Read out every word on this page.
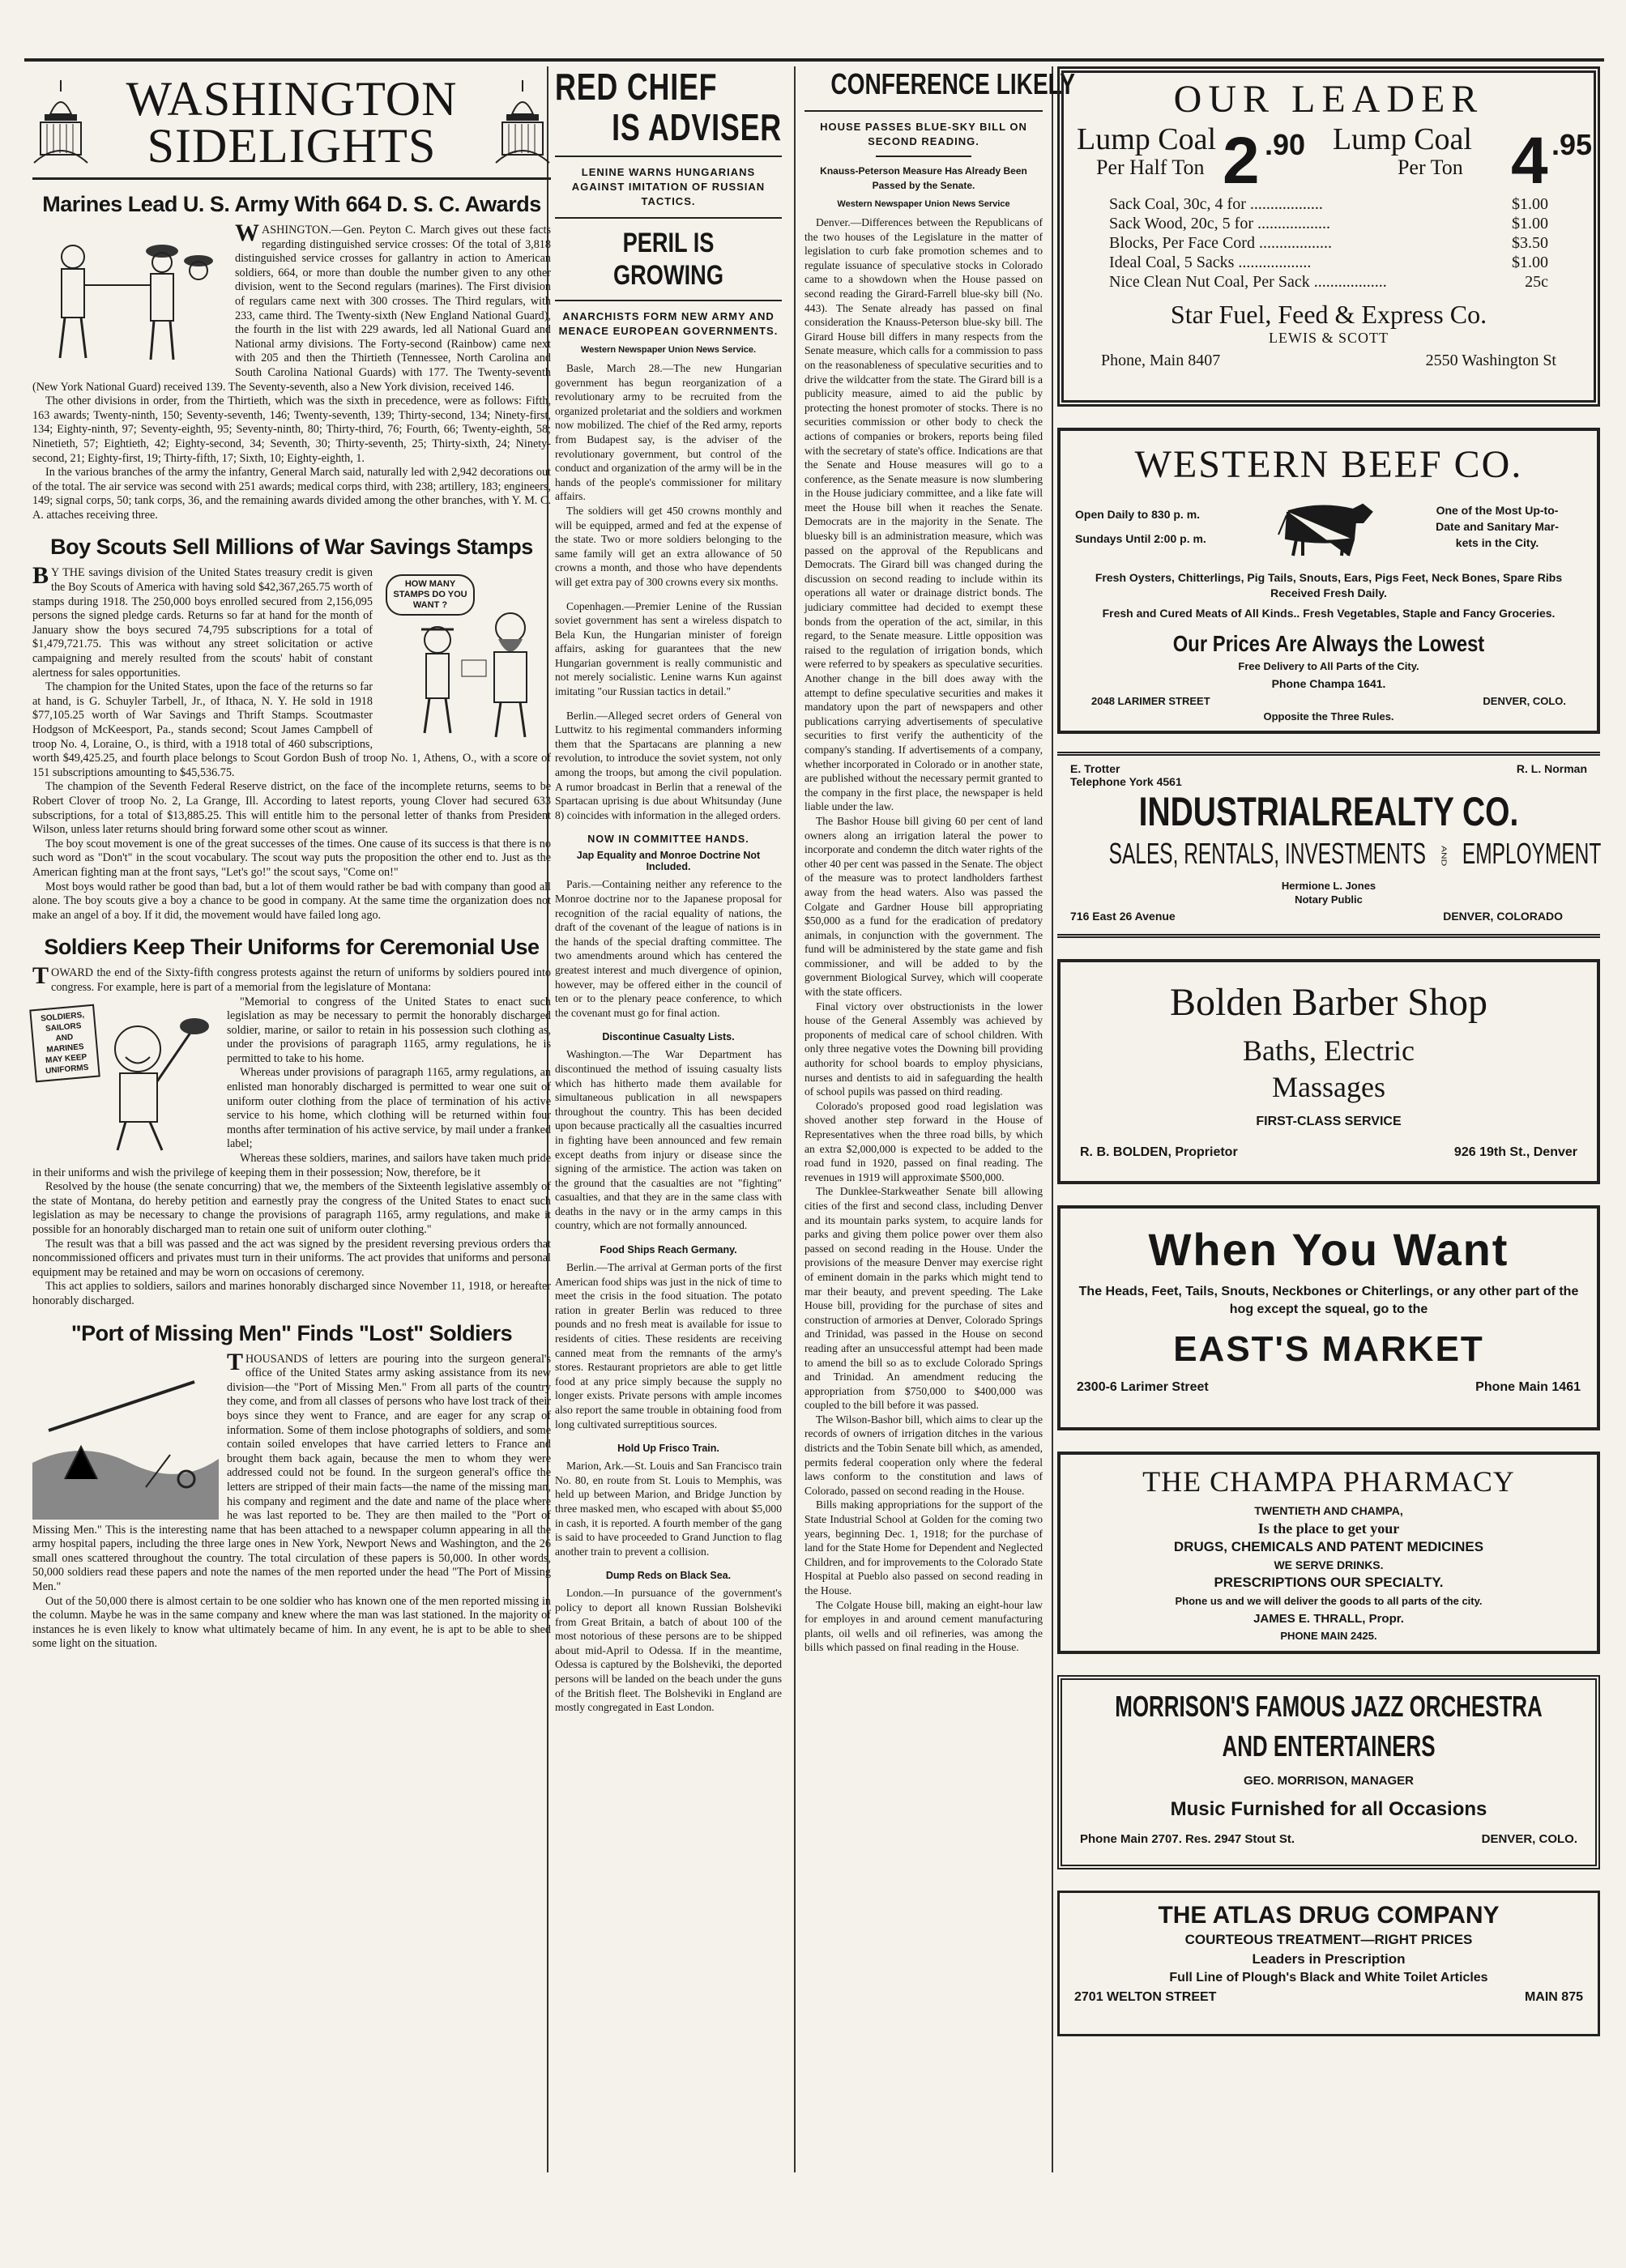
WASHINGTON SIDELIGHTS
Marines Lead U. S. Army With 664 D. S. C. Awards

WASHINGTON.—Gen. Peyton C. March gives out these facts regarding distinguished service crosses: Of the total of 3,818 distinguished service crosses for gallantry in action to American soldiers, 664, or more than double the number given to any other division, went to the Second regulars (marines). The First division of regulars came next with 300 crosses. The Third regulars, with 233, came third. The Twenty-sixth (New England National Guard), the fourth in the list with 229 awards, led all National Guard and National army divisions. The Forty-second (Rainbow) came next with 205 and then the Thirtieth (Tennessee, North Carolina and South Carolina National Guards) with 177. The Twenty-seventh (New York National Guard) received 139. The Seventy-seventh, also a New York division, received 146.

The other divisions in order, from the Thirtieth, which was the sixth in precedence, were as follows: Fifth, 163 awards; Twenty-ninth, 150; Seventy-seventh, 146; Twenty-seventh, 139; Thirty-second, 134; Ninety-first, 134; Eighty-ninth, 97; Seventy-eighth, 95; Seventy-ninth, 80; Thirty-third, 76; Fourth, 66; Twenty-eighth, 58; Ninetieth, 57; Eightieth, 42; Eighty-second, 34; Seventh, 30; Thirty-seventh, 25; Thirty-sixth, 24; Ninety-second, 21; Eighty-first, 19; Thirty-fifth, 17; Sixth, 10; Eighty-eighth, 1.

In the various branches of the army the infantry, General March said, naturally led with 2,942 decorations out of the total. The air service was second with 251 awards; medical corps third, with 238; artillery, 183; engineers, 149; signal corps, 50; tank corps, 36, and the remaining awards divided among the other branches, with Y. M. C. A. attaches receiving three.

Boy Scouts Sell Millions of War Savings Stamps
HOW MANY STAMPS DO YOU WANT ?

BY THE savings division of the United States treasury credit is given the Boy Scouts of America with having sold $42,367,265.75 worth of stamps during 1918. The 250,000 boys enrolled secured from 2,156,095 persons the signed pledge cards. Returns so far at hand for the month of January show the boys secured 74,795 subscriptions for a total of $1,479,721.75. This was without any street solicitation or active campaigning and merely resulted from the scouts' habit of constant alertness for sales opportunities.

The champion for the United States, upon the face of the returns so far at hand, is G. Schuyler Tarbell, Jr., of Ithaca, N. Y. He sold in 1918 $77,105.25 worth of War Savings and Thrift Stamps. Scoutmaster Hodgson of McKeesport, Pa., stands second; Scout James Campbell of troop No. 4, Loraine, O., is third, with a 1918 total of 460 subscriptions, worth $49,425.25, and fourth place belongs to Scout Gordon Bush of troop No. 1, Athens, O., with a score of 151 subscriptions amounting to $45,536.75.

The champion of the Seventh Federal Reserve district, on the face of the incomplete returns, seems to be Robert Clover of troop No. 2, La Grange, Ill. According to latest reports, young Clover had secured 633 subscriptions, for a total of $13,885.25. This will entitle him to the personal letter of thanks from President Wilson, unless later returns should bring forward some other scout as winner.

The boy scout movement is one of the great successes of the times. One cause of its success is that there is no such word as "Don't" in the scout vocabulary. The scout way puts the proposition the other end to. Just as the American fighting man at the front says, "Let's go!" the scout says, "Come on!"

Most boys would rather be good than bad, but a lot of them would rather be bad with company than good all alone. The boy scouts give a boy a chance to be good in company. At the same time the organization does not make an angel of a boy. If it did, the movement would have failed long ago.

Soldiers Keep Their Uniforms for Ceremonial Use

TOWARD the end of the Sixty-fifth congress protests against the return of uniforms by soldiers poured into congress. For example, here is part of a memorial from the legislature of Montana:

SOLDIERS, SAILORS AND MARINES MAY KEEP UNIFORMS

"Memorial to congress of the United States to enact such legislation as may be necessary to permit the honorably discharged soldier, marine, or sailor to retain in his possession such clothing as, under the provisions of paragraph 1165, army regulations, he is permitted to take to his home.

Whereas under provisions of paragraph 1165, army regulations, an enlisted man honorably discharged is permitted to wear one suit of uniform outer clothing from the place of termination of his active service to his home, which clothing will be returned within four months after termination of his active service, by mail under a franked label;

Whereas these soldiers, marines, and sailors have taken much pride in their uniforms and wish the privilege of keeping them in their possession; Now, therefore, be it

Resolved by the house (the senate concurring) that we, the members of the Sixteenth legislative assembly of the state of Montana, do hereby petition and earnestly pray the congress of the United States to enact such legislation as may be necessary to change the provisions of paragraph 1165, army regulations, and make it possible for an honorably discharged man to retain one suit of uniform outer clothing."

The result was that a bill was passed and the act was signed by the president reversing previous orders that noncommissioned officers and privates must turn in their uniforms. The act provides that uniforms and personal equipment may be retained and may be worn on occasions of ceremony.

This act applies to soldiers, sailors and marines honorably discharged since November 11, 1918, or hereafter honorably discharged.

"Port of Missing Men" Finds "Lost" Soldiers

THOUSANDS of letters are pouring into the surgeon general's office of the United States army asking assistance from its new division—the "Port of Missing Men." From all parts of the country they come, and from all classes of persons who have lost track of their boys since they went to France, and are eager for any scrap of information. Some of them inclose photographs of soldiers, and some contain soiled envelopes that have carried letters to France and brought them back again, because the men to whom they were addressed could not be found. In the surgeon general's office the letters are stripped of their main facts—the name of the missing man, his company and regiment and the date and name of the place where he was last reported to be. They are then mailed to the "Port of Missing Men." This is the interesting name that has been attached to a newspaper column appearing in all the army hospital papers, including the three large ones in New York, Newport News and Washington, and the 26 small ones scattered throughout the country. The total circulation of these papers is 50,000. In other words, 50,000 soldiers read these papers and note the names of the men reported under the head "The Port of Missing Men."

Out of the 50,000 there is almost certain to be one soldier who has known one of the men reported missing in the column. Maybe he was in the same company and knew where the man was last stationed. In the majority of instances he is even likely to know what ultimately became of him. In any event, he is apt to be able to shed some light on the situation.

RED CHIEF
IS ADVISER
LENINE WARNS HUNGARIANS AGAINST IMITATION OF RUSSIAN TACTICS.
PERIL IS GROWING
ANARCHISTS FORM NEW ARMY AND MENACE EUROPEAN GOVERNMENTS.
Western Newspaper Union News Service.

Basle, March 28.—The new Hungarian government has begun reorganization of a revolutionary army to be recruited from the organized proletariat and the soldiers and workmen now mobilized. The chief of the Red army, reports from Budapest say, is the adviser of the revolutionary government, but control of the conduct and organization of the army will be in the hands of the people's commissioner for military affairs.

The soldiers will get 450 crowns monthly and will be equipped, armed and fed at the expense of the state. Two or more soldiers belonging to the same family will get an extra allowance of 50 crowns a month, and those who have dependents will get extra pay of 300 crowns every six months.

Copenhagen.—Premier Lenine of the Russian soviet government has sent a wireless dispatch to Bela Kun, the Hungarian minister of foreign affairs, asking for guarantees that the new Hungarian government is really communistic and not merely socialistic. Lenine warns Kun against imitating "our Russian tactics in detail."

Berlin.—Alleged secret orders of General von Luttwitz to his regimental commanders informing them that the Spartacans are planning a new revolution, to introduce the soviet system, not only among the troops, but among the civil population. A rumor broadcast in Berlin that a renewal of the Spartacan uprising is due about Whitsunday (June 8) coincides with information in the alleged orders.

NOW IN COMMITTEE HANDS.
Jap Equality and Monroe Doctrine Not Included.

Paris.—Containing neither any reference to the Monroe doctrine nor to the Japanese proposal for recognition of the racial equality of nations, the draft of the covenant of the league of nations is in the hands of the special drafting committee. The two amendments around which has centered the greatest interest and much divergence of opinion, however, may be offered either in the council of ten or to the plenary peace conference, to which the covenant must go for final action.

Discontinue Casualty Lists.

Washington.—The War Department has discontinued the method of issuing casualty lists which has hitherto made them available for simultaneous publication in all newspapers throughout the country. This has been decided upon because practically all the casualties incurred in fighting have been announced and few remain except deaths from injury or disease since the signing of the armistice. The action was taken on the ground that the casualties are not "fighting" casualties, and that they are in the same class with deaths in the navy or in the army camps in this country, which are not formally announced.

Food Ships Reach Germany.

Berlin.—The arrival at German ports of the first American food ships was just in the nick of time to meet the crisis in the food situation. The potato ration in greater Berlin was reduced to three pounds and no fresh meat is available for issue to residents of cities. These residents are receiving canned meat from the remnants of the army's stores. Restaurant proprietors are able to get little food at any price simply because the supply no longer exists. Private persons with ample incomes also report the same trouble in obtaining food from long cultivated surreptitious sources.

Hold Up Frisco Train.

Marion, Ark.—St. Louis and San Francisco train No. 80, en route from St. Louis to Memphis, was held up between Marion, and Bridge Junction by three masked men, who escaped with about $5,000 in cash, it is reported. A fourth member of the gang is said to have proceeded to Grand Junction to flag another train to prevent a collision.

Dump Reds on Black Sea.

London.—In pursuance of the government's policy to deport all known Russian Bolsheviki from Great Britain, a batch of about 100 of the most notorious of these persons are to be shipped about mid-April to Odessa. If in the meantime, Odessa is captured by the Bolsheviki, the deported persons will be landed on the beach under the guns of the British fleet. The Bolsheviki in England are mostly congregated in East London.

CONFERENCE LIKELY
HOUSE PASSES BLUE-SKY BILL ON SECOND READING.
Knauss-Peterson Measure Has Already Been Passed by the Senate.
Western Newspaper Union News Service

Denver.—Differences between the Republicans of the two houses of the Legislature in the matter of legislation to curb fake promotion schemes and to regulate issuance of speculative stocks in Colorado came to a showdown when the House passed on second reading the Girard-Farrell blue-sky bill (No. 443). The Senate already has passed on final consideration the Knauss-Peterson blue-sky bill. The Girard House bill differs in many respects from the Senate measure, which calls for a commission to pass on the reasonableness of speculative securities and to drive the wildcatter from the state. The Girard bill is a publicity measure, aimed to aid the public by protecting the honest promoter of stocks. There is no securities commission or other body to check the actions of companies or brokers, reports being filed with the secretary of state's office. Indications are that the Senate and House measures will go to a conference, as the Senate measure is now slumbering in the House judiciary committee, and a like fate will meet the House bill when it reaches the Senate. Democrats are in the majority in the Senate. The bluesky bill is an administration measure, which was passed on the approval of the Republicans and Democrats. The Girard bill was changed during the discussion on second reading to include within its operations all water or drainage district bonds. The judiciary committee had decided to exempt these bonds from the operation of the act, similar, in this regard, to the Senate measure. Little opposition was raised to the regulation of irrigation bonds, which were referred to by speakers as speculative securities. Another change in the bill does away with the attempt to define speculative securities and makes it mandatory upon the part of newspapers and other publications carrying advertisements of speculative securities to first verify the authenticity of the company's standing. If advertisements of a company, whether incorporated in Colorado or in another state, are published without the necessary permit granted to the company in the first place, the newspaper is held liable under the law.

The Bashor House bill giving 60 per cent of land owners along an irrigation lateral the power to incorporate and condemn the ditch water rights of the other 40 per cent was passed in the Senate. The object of the measure was to protect landholders farthest away from the head waters. Also was passed the Colgate and Gardner House bill appropriating $50,000 as a fund for the eradication of predatory animals, in conjunction with the government. The fund will be administered by the state game and fish commissioner, and will be added to by the government Biological Survey, which will cooperate with the state officers.

Final victory over obstructionists in the lower house of the General Assembly was achieved by proponents of medical care of school children. With only three negative votes the Downing bill providing authority for school boards to employ physicians, nurses and dentists to aid in safeguarding the health of school pupils was passed on third reading.

Colorado's proposed good road legislation was shoved another step forward in the House of Representatives when the three road bills, by which an extra $2,000,000 is expected to be added to the road fund in 1920, passed on final reading. The revenues in 1919 will approximate $500,000.

The Dunklee-Starkweather Senate bill allowing cities of the first and second class, including Denver and its mountain parks system, to acquire lands for parks and giving them police power over them also passed on second reading in the House. Under the provisions of the measure Denver may exercise right of eminent domain in the parks which might tend to mar their beauty, and prevent speeding. The Lake House bill, providing for the purchase of sites and construction of armories at Denver, Colorado Springs and Trinidad, was passed in the House on second reading after an unsuccessful attempt had been made to amend the bill so as to exclude Colorado Springs and Trinidad. An amendment reducing the appropriation from $750,000 to $400,000 was coupled to the bill before it was passed.

The Wilson-Bashor bill, which aims to clear up the records of owners of irrigation ditches in the various districts and the Tobin Senate bill which, as amended, permits federal cooperation only where the federal laws conform to the constitution and laws of Colorado, passed on second reading in the House.

Bills making appropriations for the support of the State Industrial School at Golden for the coming two years, beginning Dec. 1, 1918; for the purchase of land for the State Home for Dependent and Neglected Children, and for improvements to the Colorado State Hospital at Pueblo also passed on second reading in the House.

The Colgate House bill, making an eight-hour law for employes in and around cement manufacturing plants, oil wells and oil refineries, was among the bills which passed on final reading in the House.

OUR LEADER
Lump Coal 2 .90
Per Half Ton
Lump Coal 4 .95
Per Ton
Sack Coal, 30c, 4 for ..................	$1.00
Sack Wood, 20c, 5 for ..................	$1.00
Blocks, Per Face Cord ..................	$3.50
Ideal Coal, 5 Sacks ..................	$1.00
Nice Clean Nut Coal, Per Sack ..................	25c
Star Fuel, Feed & Express Co.
LEWIS & SCOTT
Phone, Main 8407	2550 Washington St
WESTERN BEEF CO.
Open Daily to 830 p. m.
Sundays Until 2:00 p. m.
One of the Most Up-to-
Date and Sanitary Mar-
kets in the City.
Fresh Oysters, Chitterlings, Pig Tails, Snouts, Ears, Pigs Feet, Neck Bones, Spare Ribs Received Fresh Daily.
Fresh and Cured Meats of All Kinds.. Fresh Vegetables, Staple and Fancy Groceries.
Our Prices Are Always the Lowest
Free Delivery to All Parts of the City.
Phone Champa 1641.
2048 LARIMER STREET	DENVER, COLO.
Opposite the Three Rules.
E. Trotter
Telephone York 4561
R. L. Norman
INDUSTRIALREALTY CO.
SALES, RENTALS, INVESTMENTS AND EMPLOYMENT
Hermione L. Jones
Notary Public
716 East 26 Avenue	DENVER, COLORADO
Bolden Barber Shop
Baths, Electric
Massages
FIRST-CLASS SERVICE
R. B. BOLDEN, Proprietor	926 19th St., Denver
When You Want
The Heads, Feet, Tails, Snouts, Neckbones or Chiterlings, or any other part of the hog except the squeal, go to the
EAST'S MARKET
2300-6 Larimer Street	Phone Main 1461
THE CHAMPA PHARMACY
TWENTIETH AND CHAMPA,
Is the place to get your
DRUGS, CHEMICALS AND PATENT MEDICINES
WE SERVE DRINKS.
PRESCRIPTIONS OUR SPECIALTY.
Phone us and we will deliver the goods to all parts of the city.
JAMES E. THRALL, Propr.
PHONE MAIN 2425.
MORRISON'S FAMOUS JAZZ ORCHESTRA
AND ENTERTAINERS
GEO. MORRISON, MANAGER
Music Furnished for all Occasions
Phone Main 2707. Res. 2947 Stout St.	DENVER, COLO.
THE ATLAS DRUG COMPANY
COURTEOUS TREATMENT—RIGHT PRICES
Leaders in Prescription
Full Line of Plough's Black and White Toilet Articles
2701 WELTON STREET	MAIN 875
